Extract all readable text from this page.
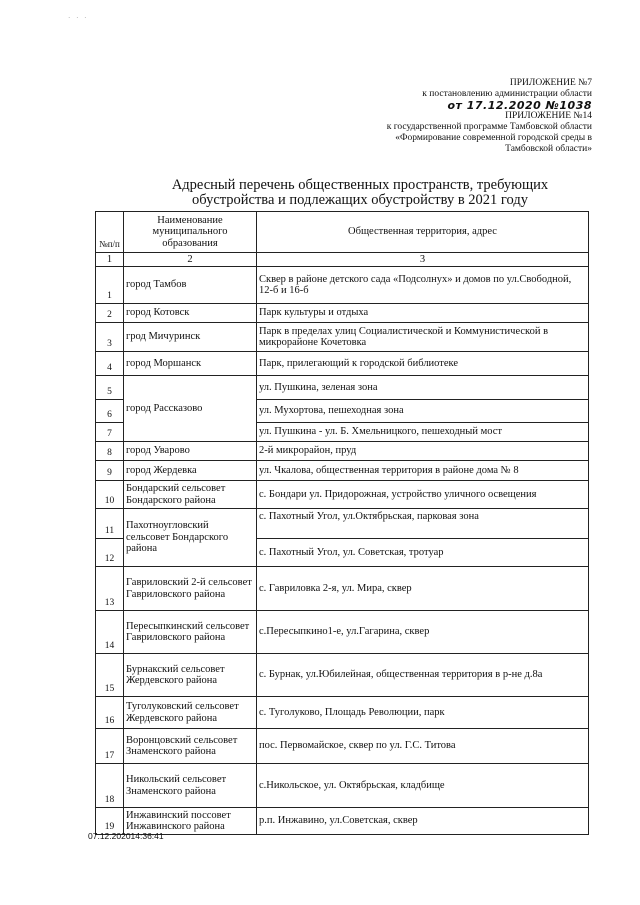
· · ·
ПРИЛОЖЕНИЕ №7
к постановлению администрации области
от 17.12.2020 №1038
ПРИЛОЖЕНИЕ №14
к государственной программе Тамбовской области
«Формирование современной городской среды в
Тамбовской области»
Адресный перечень общественных пространств, требующих
обустройства и подлежащих обустройству в 2021 году
№п/п	Наименование муниципального образования	Общественная территория, адрес
1	2	3
1	город Тамбов	Сквер в районе детского сада «Подсолнух» и домов по ул.Свободной, 12-б и 16-б
2	город Котовск	Парк культуры и отдыха
3	грод Мичуринск	Парк в пределах улиц Социалистической и Коммунистической в микрорайоне Кочетовка
4	город Моршанск	Парк, прилегающий к городской библиотеке
5	город Рассказово	ул. Пушкина, зеленая зона
6		ул. Мухортова, пешеходная зона
7		ул. Пушкина - ул. Б. Хмельницкого, пешеходный мост
8	город Уварово	2-й микрорайон, пруд
9	город Жердевка	ул. Чкалова, общественная территория в районе дома № 8
10	Бондарский сельсовет Бондарского района	с. Бондари ул. Придорожная, устройство уличного освещения
11	Пахотноугловский сельсовет Бондарского района	с. Пахотный Угол, ул.Октябрьская, парковая зона
12		с. Пахотный Угол, ул. Советская, тротуар
13	Гавриловский 2-й сельсовет Гавриловского района	с. Гавриловка 2-я, ул. Мира, сквер
14	Пересыпкинский сельсовет Гавриловского района	с.Пересыпкино1-е, ул.Гагарина, сквер
15	Бурнакский сельсовет Жердевского района	с. Бурнак, ул.Юбилейная, общественная территория в р-не д.8а
16	Туголуковский сельсовет Жердевского района	с. Туголуково, Площадь Революции, парк
17	Воронцовский сельсовет Знаменского района	пос. Первомайское, сквер по ул. Г.С. Титова
18	Никольский сельсовет Знаменского района	с.Никольское, ул. Октябрьская, кладбище
19	Инжавинский поссовет Инжавинского района	р.п. Инжавино, ул.Советская, сквер
07.12.202014:36:41
